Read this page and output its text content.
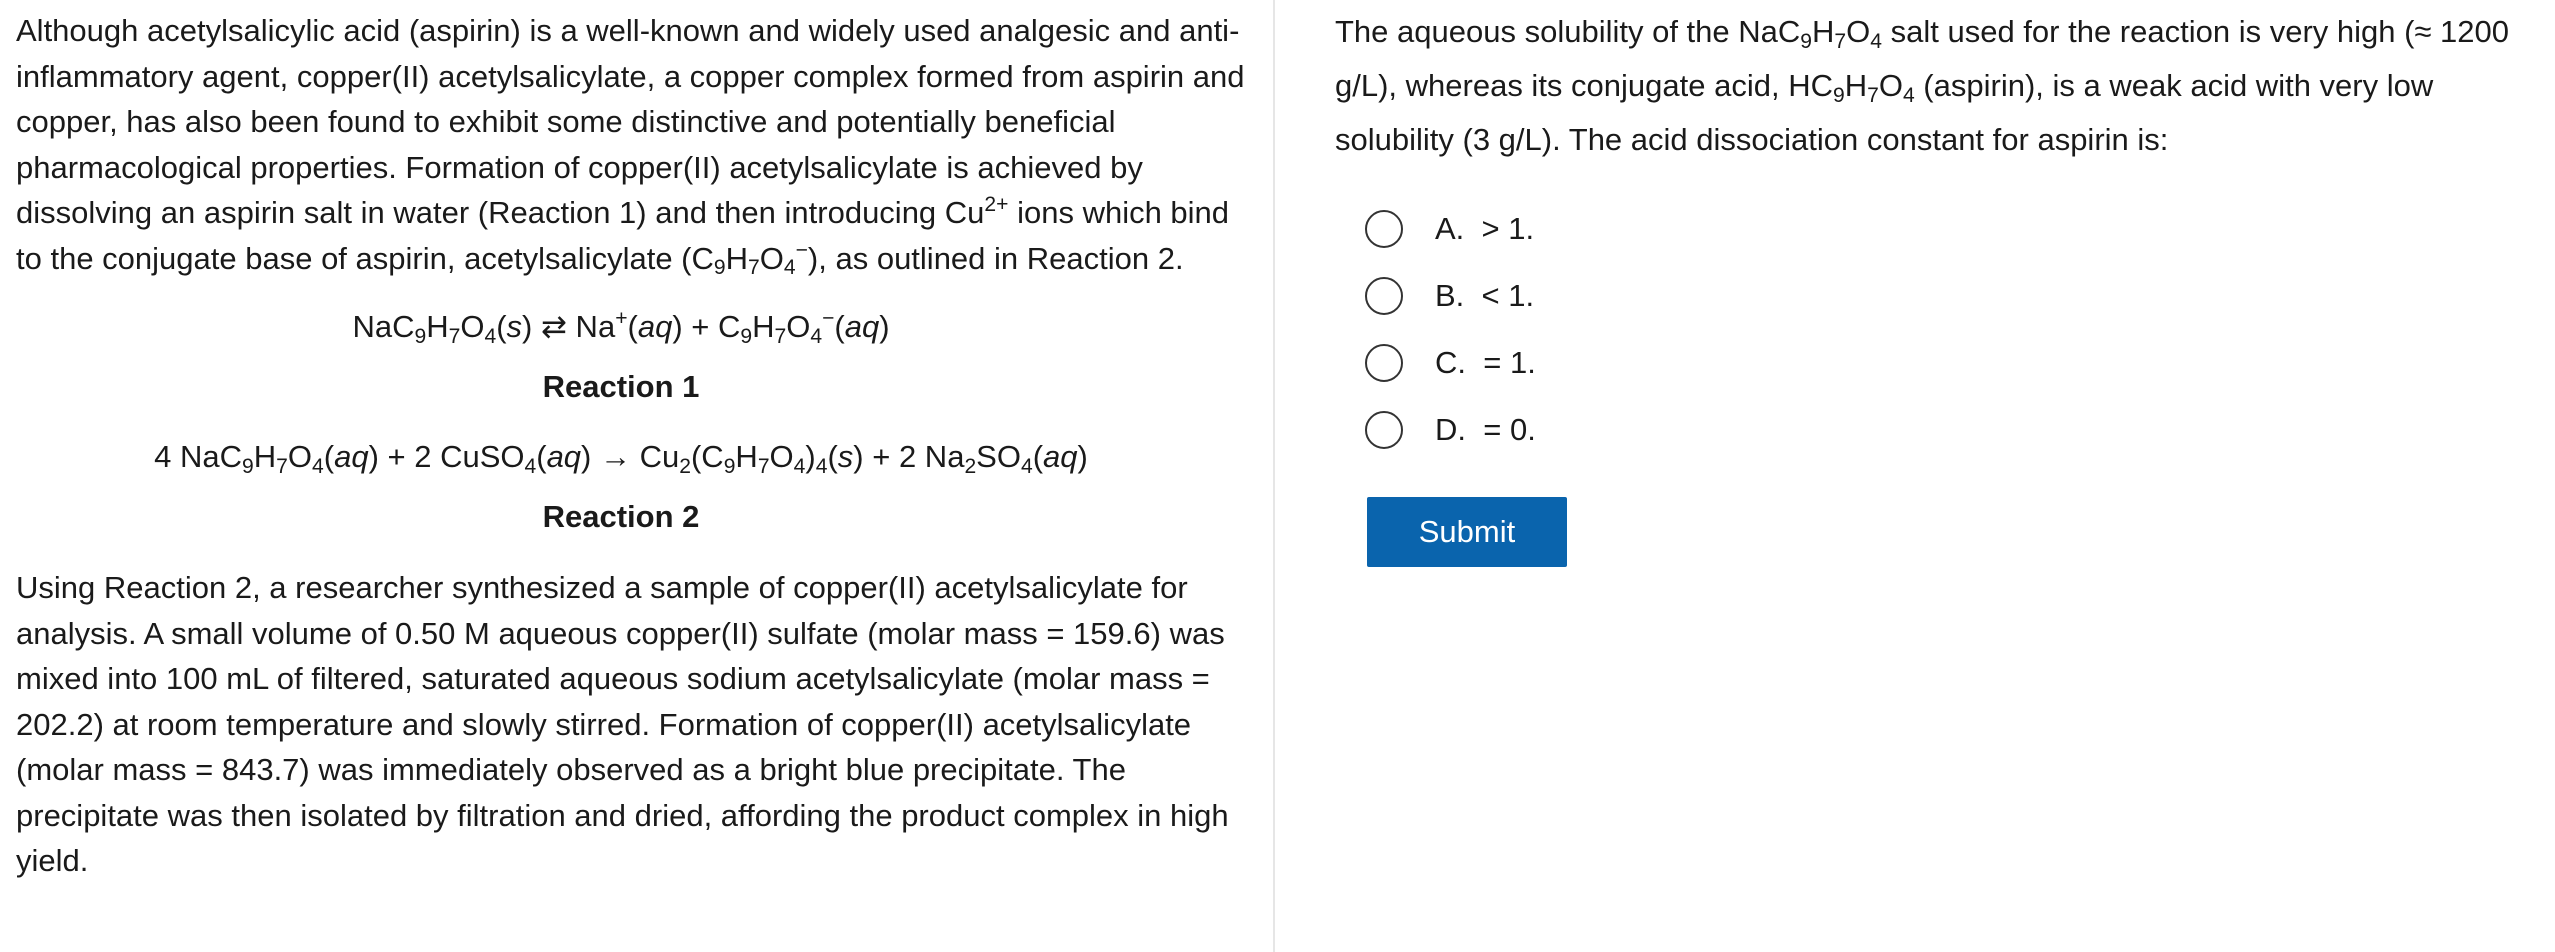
Although acetylsalicylic acid (aspirin) is a well-known and widely used analgesic and anti-inflammatory agent, copper(II) acetylsalicylate, a copper complex formed from aspirin and copper, has also been found to exhibit some distinctive and potentially beneficial pharmacological properties. Formation of copper(II) acetylsalicylate is achieved by dissolving an aspirin salt in water (Reaction 1) and then introducing $Cu^{2+}$ ions which bind to the conjugate base of aspirin, acetylsalicylate $(C_9H_7O_4^-)$, as outlined in Reaction 2.

$NaC_9H_7O_4(s)$ ⇄ $Na^+(aq) + C_9H_7O_4^-(aq)$
Reaction 1
4 $NaC_9H_7O_4(aq) + 2$ CuSO$_4$(aq) → $Cu_2(C_9H_7O_4)_4(s) + 2$ $Na_2SO_4(aq)$
Reaction 2

Using Reaction 2, a researcher synthesized a sample of copper(II) acetylsalicylate for analysis. A small volume of 0.50 M aqueous copper(II) sulfate (molar mass = 159.6) was mixed into 100 mL of filtered, saturated aqueous sodium acetylsalicylate (molar mass = 202.2) at room temperature and slowly stirred. Formation of copper(II) acetylsalicylate (molar mass = 843.7) was immediately observed as a bright blue precipitate. The precipitate was then isolated by filtration and dried, affording the product complex in high yield.

The aqueous solubility of the $NaC_9H_7O_4$ salt used for the reaction is very high (≈ 1200 g/L), whereas its conjugate acid, $HC_9H_7O_4$ (aspirin), is a weak acid with very low solubility (3 g/L). The acid dissociation constant for aspirin is:

A. > 1.
B. < 1.
C. = 1.
D. = 0.
Submit
